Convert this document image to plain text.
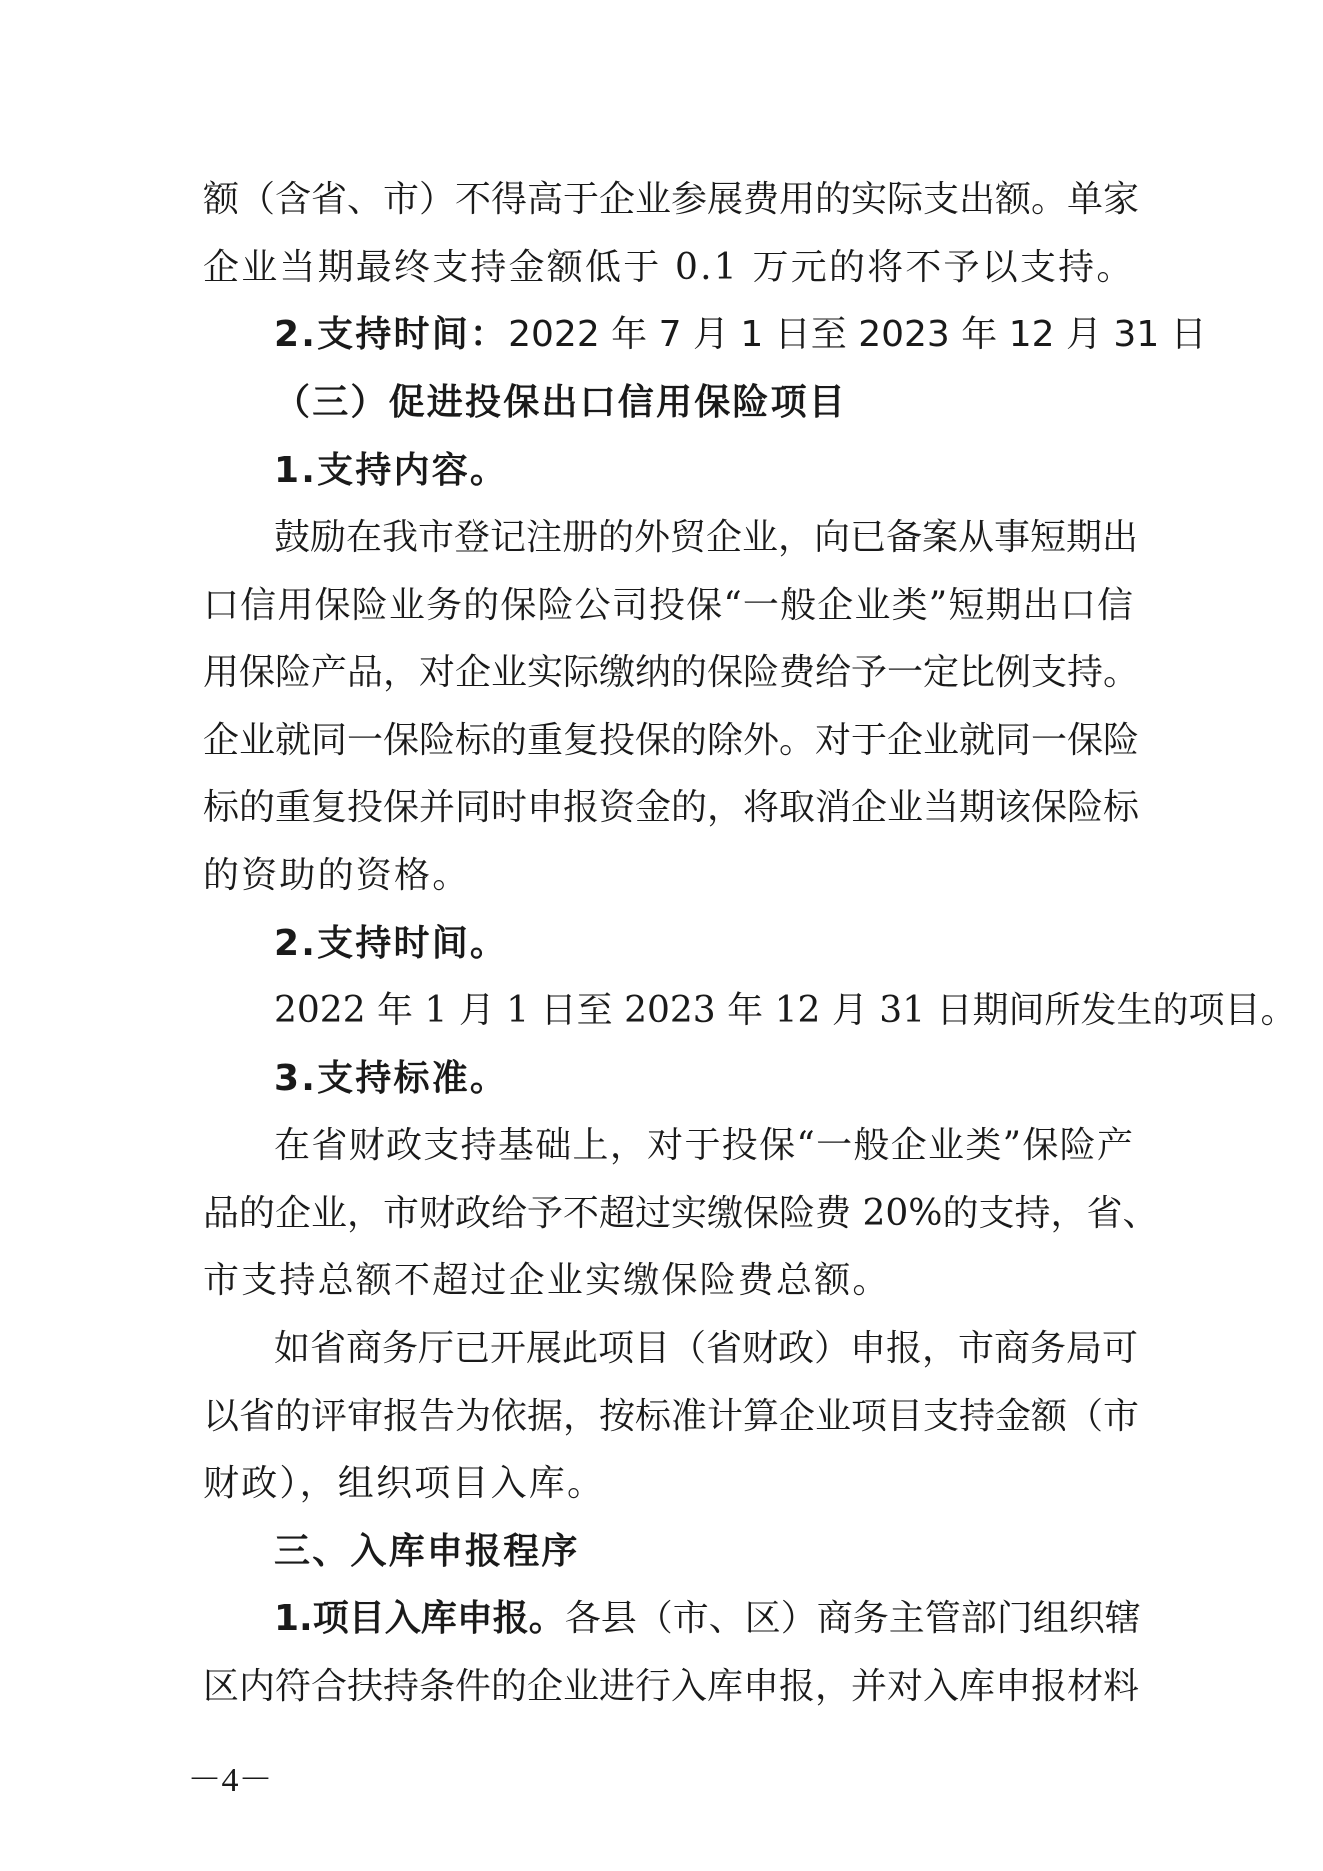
额（含省、市）不得高于企业参展费用的实际支出额。单家
企业当期最终支持金额低于 0.1 万元的将不予以支持。
2.支持时间：2022 年 7 月 1 日至 2023 年 12 月 31 日
（三）促进投保出口信用保险项目
1.支持内容。
鼓励在我市登记注册的外贸企业，向已备案从事短期出
口信用保险业务的保险公司投保“一般企业类”短期出口信
用保险产品，对企业实际缴纳的保险费给予一定比例支持。
企业就同一保险标的重复投保的除外。对于企业就同一保险
标的重复投保并同时申报资金的，将取消企业当期该保险标
的资助的资格。
2.支持时间。
2022 年 1 月 1 日至 2023 年 12 月 31 日期间所发生的项目。
3.支持标准。
在省财政支持基础上，对于投保“一般企业类”保险产
品的企业，市财政给予不超过实缴保险费 20%的支持，省、
市支持总额不超过企业实缴保险费总额。
如省商务厅已开展此项目（省财政）申报，市商务局可
以省的评审报告为依据，按标准计算企业项目支持金额（市
财政），组织项目入库。
三、入库申报程序
1.项目入库申报。各县（市、区）商务主管部门组织辖
区内符合扶持条件的企业进行入库申报，并对入库申报材料
－4－
